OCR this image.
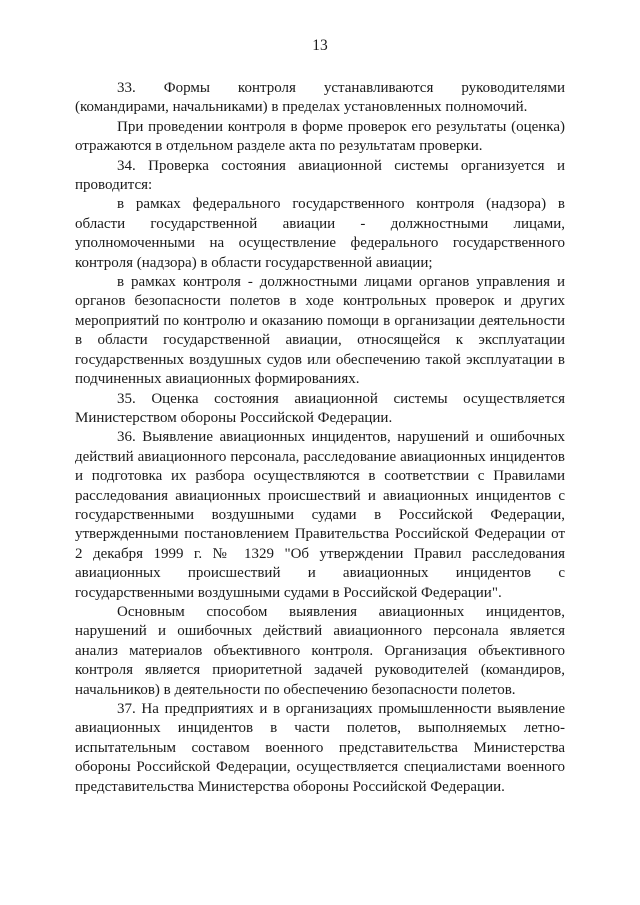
13

33. Формы контроля устанавливаются руководителями (командирами, начальниками) в пределах установленных полномочий.

При проведении контроля в форме проверок его результаты (оценка) отражаются в отдельном разделе акта по результатам проверки.

34. Проверка состояния авиационной системы организуется и проводится:

в рамках федерального государственного контроля (надзора) в области государственной авиации - должностными лицами, уполномоченными на осуществление федерального государственного контроля (надзора) в области государственной авиации;

в рамках контроля - должностными лицами органов управления и органов безопасности полетов в ходе контрольных проверок и других мероприятий по контролю и оказанию помощи в организации деятельности в области государственной авиации, относящейся к эксплуатации государственных воздушных судов или обеспечению такой эксплуатации в подчиненных авиационных формированиях.

35. Оценка состояния авиационной системы осуществляется Министерством обороны Российской Федерации.

36. Выявление авиационных инцидентов, нарушений и ошибочных действий авиационного персонала, расследование авиационных инцидентов и подготовка их разбора осуществляются в соответствии с Правилами расследования авиационных происшествий и авиационных инцидентов с государственными воздушными судами в Российской Федерации, утвержденными постановлением Правительства Российской Федерации от 2 декабря 1999 г. № 1329 "Об утверждении Правил расследования авиационных происшествий и авиационных инцидентов с государственными воздушными судами в Российской Федерации".

Основным способом выявления авиационных инцидентов, нарушений и ошибочных действий авиационного персонала является анализ материалов объективного контроля. Организация объективного контроля является приоритетной задачей руководителей (командиров, начальников) в деятельности по обеспечению безопасности полетов.

37. На предприятиях и в организациях промышленности выявление авиационных инцидентов в части полетов, выполняемых летно-испытательным составом военного представительства Министерства обороны Российской Федерации, осуществляется специалистами военного представительства Министерства обороны Российской Федерации.
